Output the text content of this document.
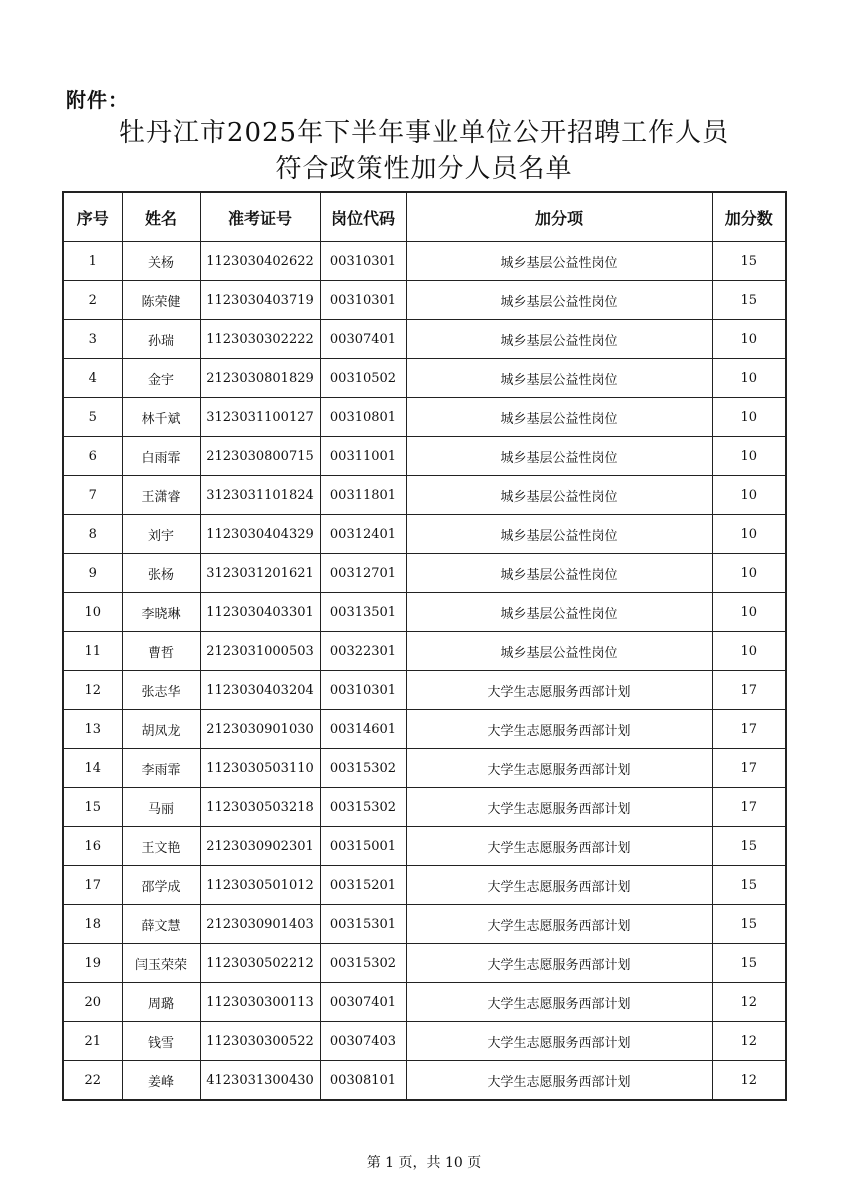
附件：
牡丹江市2025年下半年事业单位公开招聘工作人员
符合政策性加分人员名单
序号	姓名	准考证号	岗位代码	加分项	加分数
1	关杨	1123030402622	00310301	城乡基层公益性岗位	15
2	陈荣健	1123030403719	00310301	城乡基层公益性岗位	15
3	孙瑞	1123030302222	00307401	城乡基层公益性岗位	10
4	金宇	2123030801829	00310502	城乡基层公益性岗位	10
5	林千斌	3123031100127	00310801	城乡基层公益性岗位	10
6	白雨霏	2123030800715	00311001	城乡基层公益性岗位	10
7	王潇睿	3123031101824	00311801	城乡基层公益性岗位	10
8	刘宇	1123030404329	00312401	城乡基层公益性岗位	10
9	张杨	3123031201621	00312701	城乡基层公益性岗位	10
10	李晓琳	1123030403301	00313501	城乡基层公益性岗位	10
11	曹哲	2123031000503	00322301	城乡基层公益性岗位	10
12	张志华	1123030403204	00310301	大学生志愿服务西部计划	17
13	胡凤龙	2123030901030	00314601	大学生志愿服务西部计划	17
14	李雨霏	1123030503110	00315302	大学生志愿服务西部计划	17
15	马丽	1123030503218	00315302	大学生志愿服务西部计划	17
16	王文艳	2123030902301	00315001	大学生志愿服务西部计划	15
17	邵学成	1123030501012	00315201	大学生志愿服务西部计划	15
18	薛文慧	2123030901403	00315301	大学生志愿服务西部计划	15
19	闫玉荣荣	1123030502212	00315302	大学生志愿服务西部计划	15
20	周璐	1123030300113	00307401	大学生志愿服务西部计划	12
21	钱雪	1123030300522	00307403	大学生志愿服务西部计划	12
22	姜峰	4123031300430	00308101	大学生志愿服务西部计划	12
第 1 页，共 10 页
